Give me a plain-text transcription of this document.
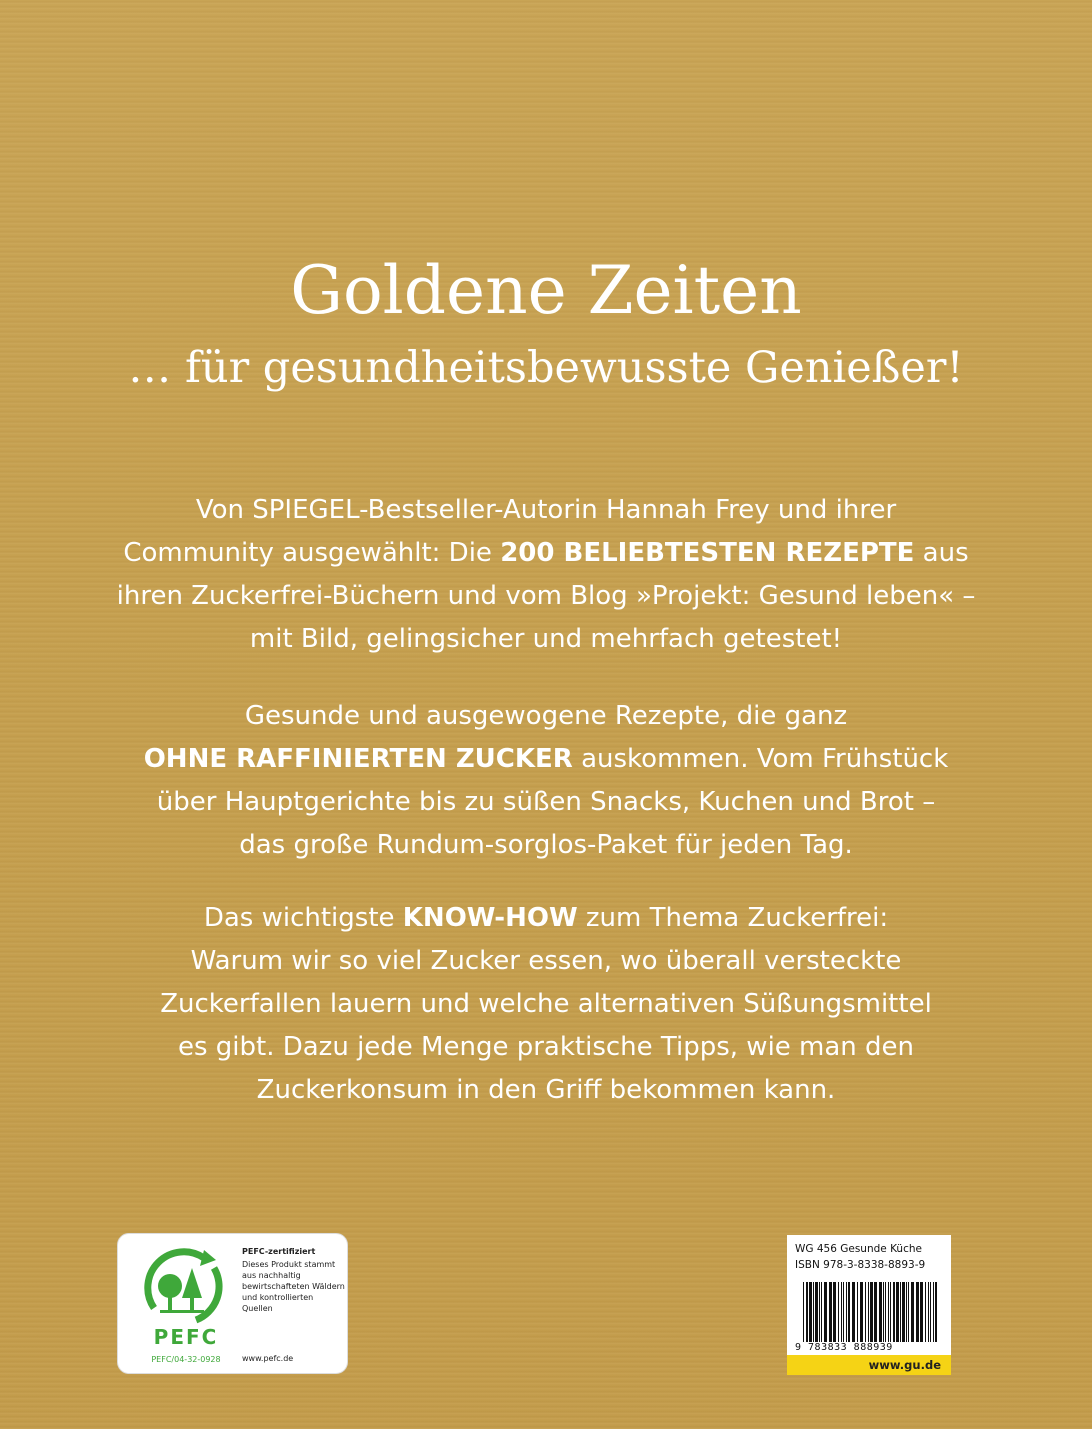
Goldene Zeiten
… für gesundheitsbewusste Genießer!
Von SPIEGEL-Bestseller-Autorin Hannah Frey und ihrer
Community ausgewählt: Die 200 BELIEBTESTEN REZEPTE aus
ihren Zuckerfrei-Büchern und vom Blog »Projekt: Gesund leben« –
mit Bild, gelingsicher und mehrfach getestet!
Gesunde und ausgewogene Rezepte, die ganz
OHNE RAFFINIERTEN ZUCKER auskommen. Vom Frühstück
über Hauptgerichte bis zu süßen Snacks, Kuchen und Brot –
das große Rundum-sorglos-Paket für jeden Tag.
Das wichtigste KNOW-HOW zum Thema Zuckerfrei:
Warum wir so viel Zucker essen, wo überall versteckte
Zuckerfallen lauern und welche alternativen Süßungsmittel
es gibt. Dazu jede Menge praktische Tipps, wie man den
Zuckerkonsum in den Griff bekommen kann.
PEFC
PEFC/04-32-0928
PEFC-zertifiziert
Dieses Produkt stammt aus nachhaltig bewirtschafteten Wäldern und kontrollierten Quellen
www.pefc.de
WG 456 Gesunde Küche
ISBN 978-3-8338-8893-9
9 783833 888939
www.gu.de
